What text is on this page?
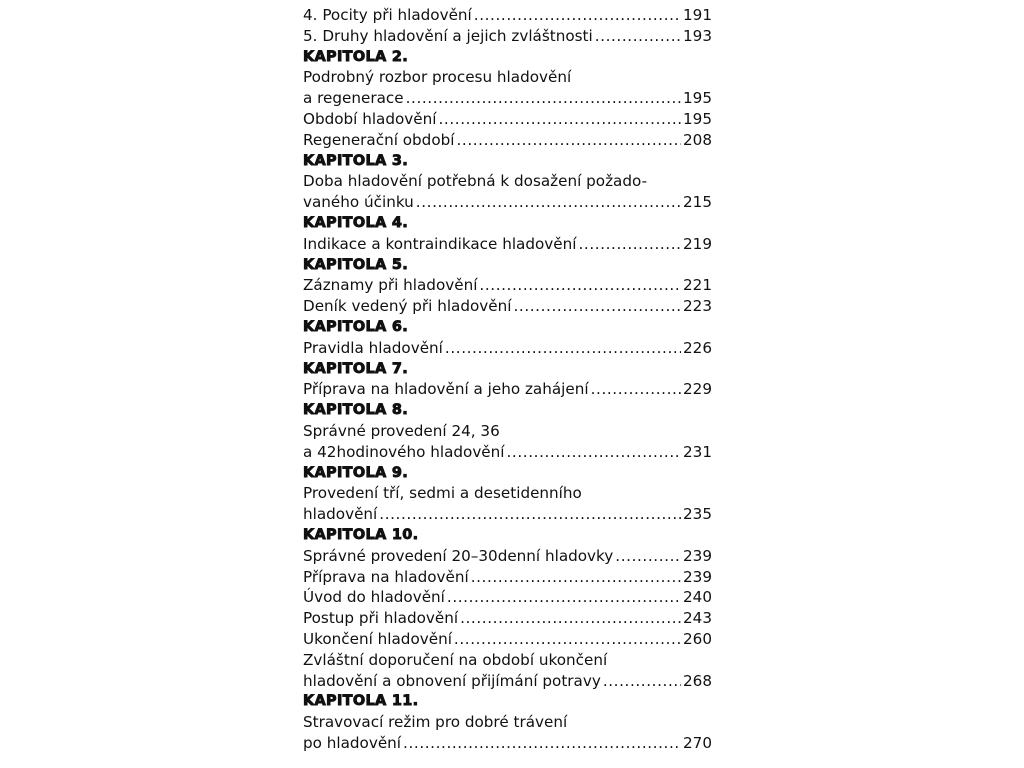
4. Pocity při hladovění .....	191
5. Druhy hladovění a jejich zvláštnosti .....	193
KAPITOLA 2.
Podrobný rozbor procesu hladovění
a regenerace .....	195
Období hladovění .....	195
Regenerační období .....	208
KAPITOLA 3.
Doba hladovění potřebná k dosažení požado-
vaného účinku .....	215
KAPITOLA 4.
Indikace a kontraindikace hladovění .....	219
KAPITOLA 5.
Záznamy při hladovění .....	221
Deník vedený při hladovění .....	223
KAPITOLA 6.
Pravidla hladovění .....	226
KAPITOLA 7.
Příprava na hladovění a jeho zahájení .....	229
KAPITOLA 8.
Správné provedení 24, 36
a 42hodinového hladovění .....	231
KAPITOLA 9.
Provedení tří, sedmi a desetidenního
hladovění .....	235
KAPITOLA 10.
Správné provedení 20–30denní hladovky .....	239
Příprava na hladovění .....	239
Úvod do hladovění .....	240
Postup při hladovění .....	243
Ukončení hladovění .....	260
Zvláštní doporučení na období ukončení
hladovění a obnovení přijímání potravy .....	268
KAPITOLA 11.
Stravovací režim pro dobré trávení
po hladovění .....	270
